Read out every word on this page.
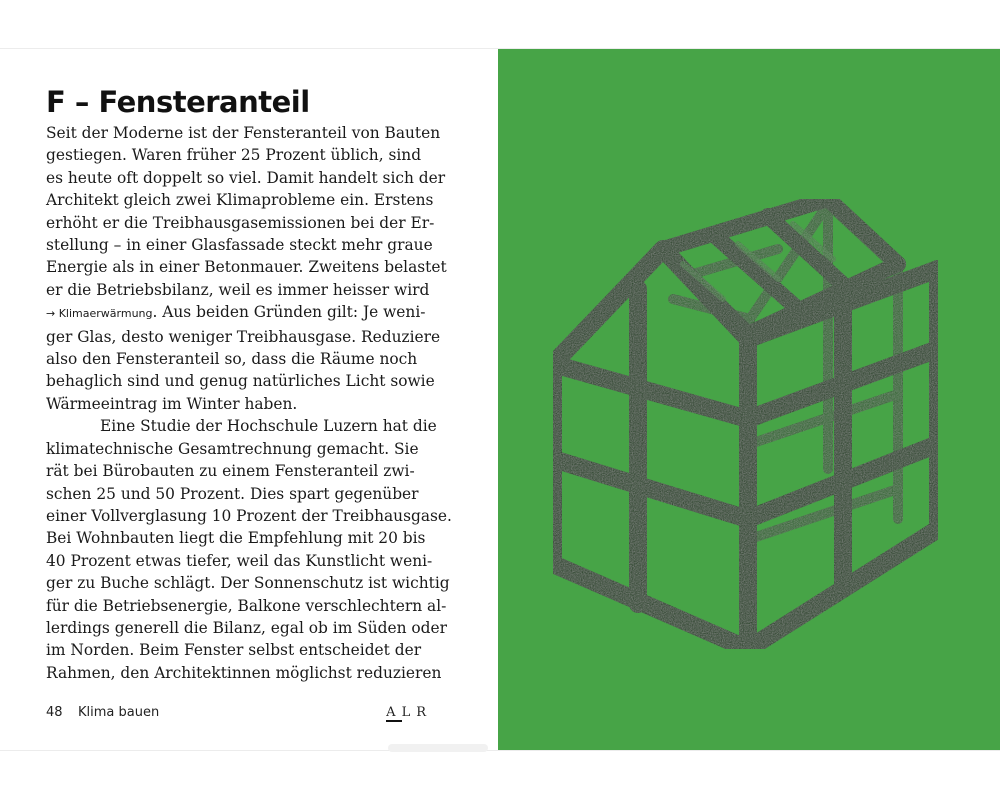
F – Fensteranteil
Seit der Moderne ist der Fensteranteil von Bauten
gestiegen. Waren früher 25 Prozent üblich, sind
es heute oft doppelt so viel. Damit handelt sich der
Architekt gleich zwei Klimaprobleme ein. Erstens
erhöht er die Treibhausgasemissionen bei der Er-
stellung – in einer Glasfassade steckt mehr graue
Energie als in einer Betonmauer. Zweitens belastet
er die Betriebsbilanz, weil es immer heisser wird
→ Klimaerwärmung. Aus beiden Gründen gilt: Je weni-
ger Glas, desto weniger Treibhausgase. Reduziere
also den Fensteranteil so, dass die Räume noch
behaglich sind und genug natürliches Licht sowie
Wärmeeintrag im Winter haben.
Eine Studie der Hochschule Luzern hat die
klimatechnische Gesamtrechnung gemacht. Sie
rät bei Bürobauten zu einem Fensteranteil zwi-
schen 25 und 50 Prozent. Dies spart gegenüber
einer Vollverglasung 10 Prozent der Treibhausgase.
Bei Wohnbauten liegt die Empfehlung mit 20 bis
40 Prozent etwas tiefer, weil das Kunstlicht weni-
ger zu Buche schlägt. Der Sonnenschutz ist wichtig
für die Betriebsenergie, Balkone verschlechtern al-
lerdings generell die Bilanz, egal ob im Süden oder
im Norden. Beim Fenster selbst entscheidet der
Rahmen, den Architektinnen möglichst reduzieren
48 Klima bauen	ALR
